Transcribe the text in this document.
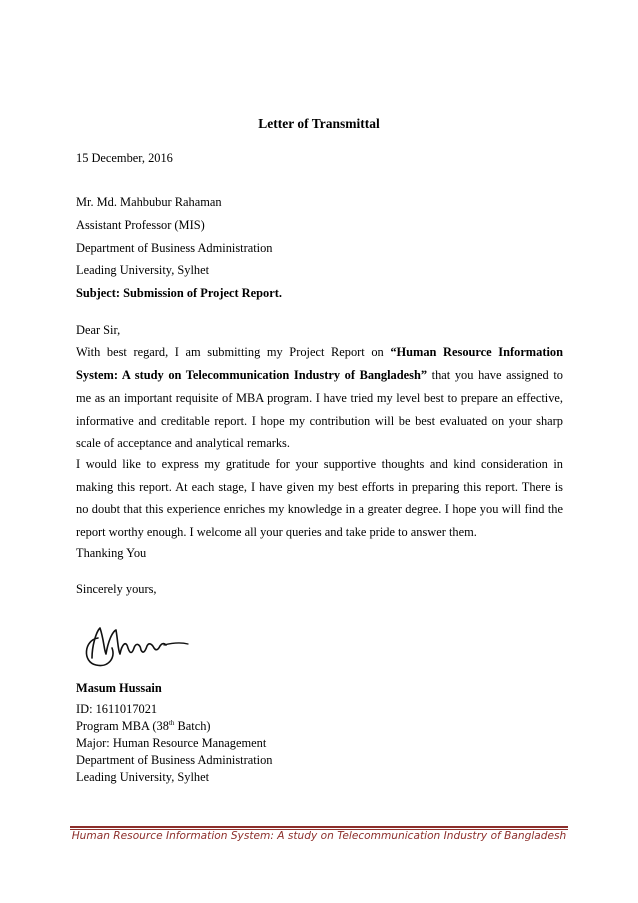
Letter of Transmittal
15 December, 2016
Mr. Md. Mahbubur Rahaman
Assistant Professor (MIS)
Department of Business Administration
Leading University, Sylhet
Subject: Submission of Project Report.
Dear Sir,
With best regard, I am submitting my Project Report on “Human Resource Information
System: A study on Telecommunication Industry of Bangladesh” that you have assigned to
me as an important requisite of MBA program. I have tried my level best to prepare an effective,
informative and creditable report. I hope my contribution will be best evaluated on your sharp
scale of acceptance and analytical remarks.
I would like to express my gratitude for your supportive thoughts and kind consideration in
making this report. At each stage, I have given my best efforts in preparing this report. There is
no doubt that this experience enriches my knowledge in a greater degree. I hope you will find the
report worthy enough. I welcome all your queries and take pride to answer them.
Thanking You
Sincerely yours,
Masum Hussain
ID: 1611017021
Program MBA (38th Batch)
Major: Human Resource Management
Department of Business Administration
Leading University, Sylhet
Human Resource Information System: A study on Telecommunication Industry of Bangladesh
